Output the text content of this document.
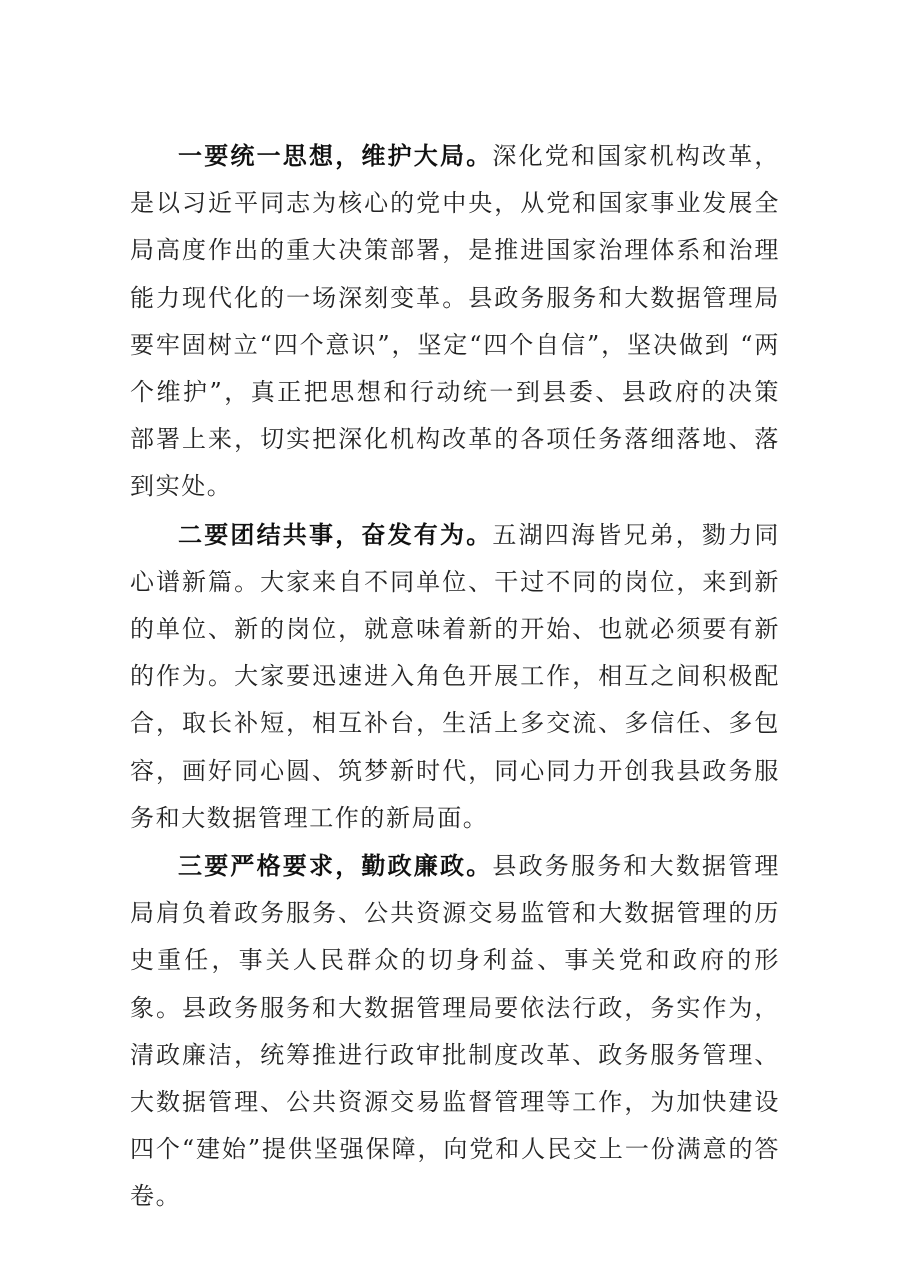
一要统一思想，维护大局。深化党和国家机构改革，是以习近平同志为核心的党中央，从党和国家事业发展全局高度作出的重大决策部署，是推进国家治理体系和治理能力现代化的一场深刻变革。县政务服务和大数据管理局要牢固树立“四个意识”，坚定“四个自信”，坚决做到 “两个维护”，真正把思想和行动统一到县委、县政府的决策部署上来，切实把深化机构改革的各项任务落细落地、落到实处。

二要团结共事，奋发有为。五湖四海皆兄弟，勠力同心谱新篇。大家来自不同单位、干过不同的岗位，来到新的单位、新的岗位，就意味着新的开始、也就必须要有新的作为。大家要迅速进入角色开展工作，相互之间积极配合，取长补短，相互补台，生活上多交流、多信任、多包容，画好同心圆、筑梦新时代，同心同力开创我县政务服务和大数据管理工作的新局面。

三要严格要求，勤政廉政。县政务服务和大数据管理局肩负着政务服务、公共资源交易监管和大数据管理的历史重任，事关人民群众的切身利益、事关党和政府的形象。县政务服务和大数据管理局要依法行政，务实作为，清政廉洁，统筹推进行政审批制度改革、政务服务管理、大数据管理、公共资源交易监督管理等工作，为加快建设四个“建始”提供坚强保障，向党和人民交上一份满意的答卷。
